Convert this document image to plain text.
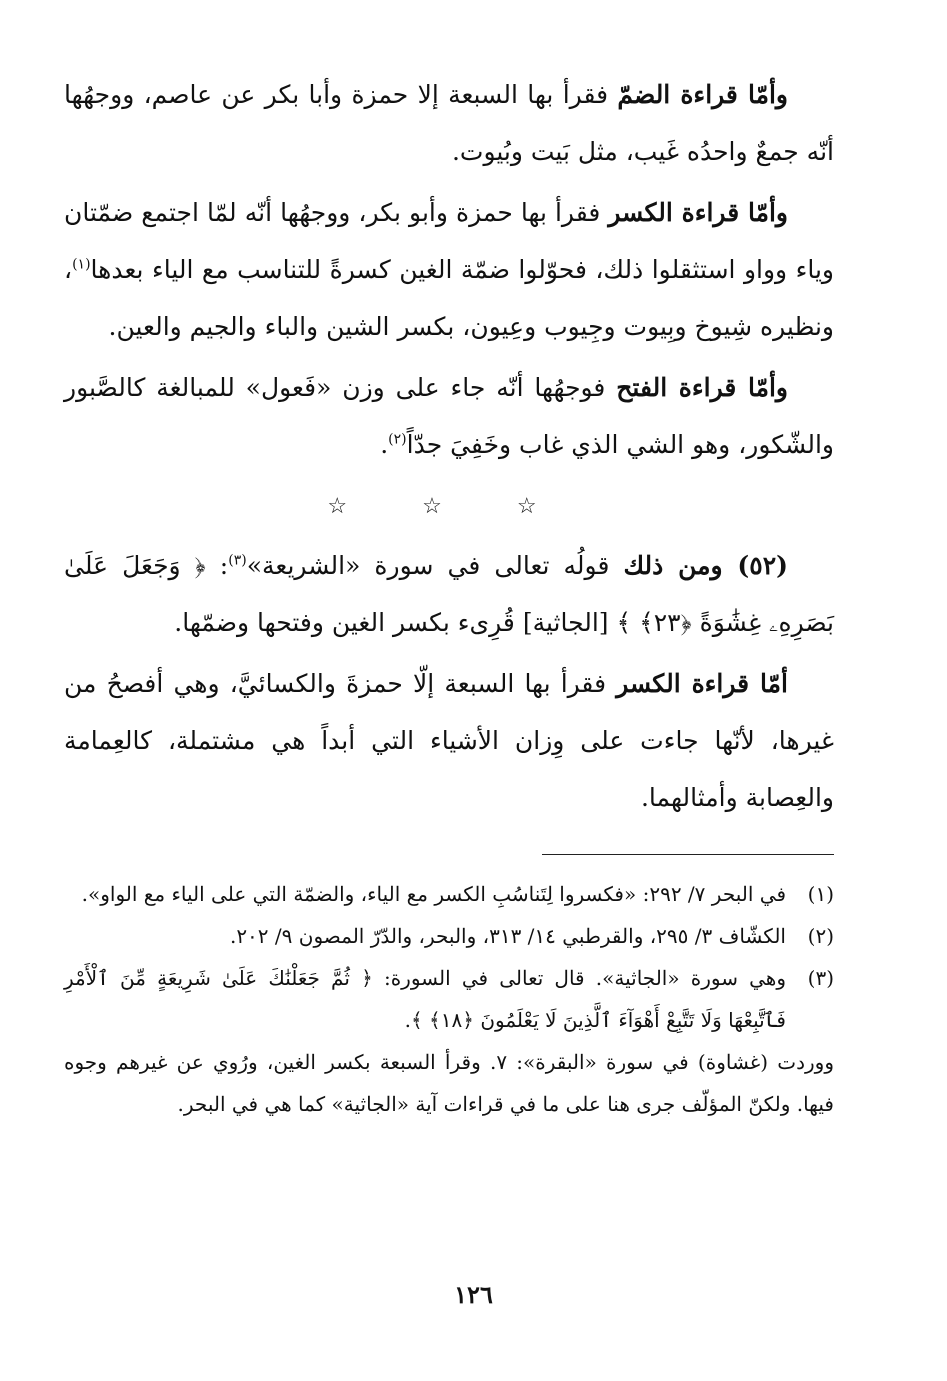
وأمّا قراءة الضمّ فقرأ بها السبعة إلا حمزة وأبا بكر عن عاصم، ووجهُها أنّه جمعٌ واحدُه غَيب، مثل بَيت وبُيوت.

وأمّا قراءة الكسر فقرأ بها حمزة وأبو بكر، ووجهُها أنّه لمّا اجتمع ضمّتان وياء وواو استثقلوا ذلك، فحوّلوا ضمّة الغين كسرةً للتناسب مع الياء بعدها$^{(١)}$، ونظيره شِيوخ وبِيوت وجِيوب وعِيون، بكسر الشين والباء والجيم والعين.

وأمّا قراءة الفتح فوجهُها أنّه جاء على وزن «فَعول» للمبالغة كالصَّبور والشّكور، وهو الشي الذي غاب وخَفِيَ جدّاً$^{(٢)}$.

☆ ☆ ☆

(٥٢) ومن ذلك قولُه تعالى في سورة «الشريعة»$^{(٣)}$: ﴿ وَجَعَلَ عَلَىٰ بَصَرِهِۦ غِشَٰوَةً ﴿٢٣﴾ ﴾ [الجاثية] قُرِىء بكسر الغين وفتحها وضمّها.

أمّا قراءة الكسر فقرأ بها السبعة إلّا حمزةَ والكسائيَّ، وهي أفصحُ من غيرها، لأنّها جاءت على وِزان الأشياء التي أبداً هي مشتملة، كالعِمامة والعِصابة وأمثالهما.

(١)
في البحر ٧/ ٢٩٢: «فكسروا لِتَناسُبِ الكسر مع الياء، والضمّة التي على الياء مع الواو».
(٢)
الكشّاف ٣/ ٢٩٥، والقرطبي ١٤/ ٣١٣، والبحر، والدّرّ المصون ٩/ ٢٠٢.
(٣)
وهي سورة «الجاثية». قال تعالى في السورة: ﴿ ثُمَّ جَعَلْنَٰكَ عَلَىٰ شَرِيعَةٍ مِّنَ ٱلْأَمْرِ فَٱتَّبِعْهَا وَلَا تَتَّبِعْ أَهْوَآءَ ٱلَّذِينَ لَا يَعْلَمُونَ ﴿١٨﴾ ﴾.
ووردت (غشاوة) في سورة «البقرة»: ٧. وقرأ السبعة بكسر الغين، ورُوي عن غيرهم وجوه فيها. ولكنّ المؤلّف جرى هنا على ما في قراءات آية «الجاثية» كما هي في البحر.
١٢٦
